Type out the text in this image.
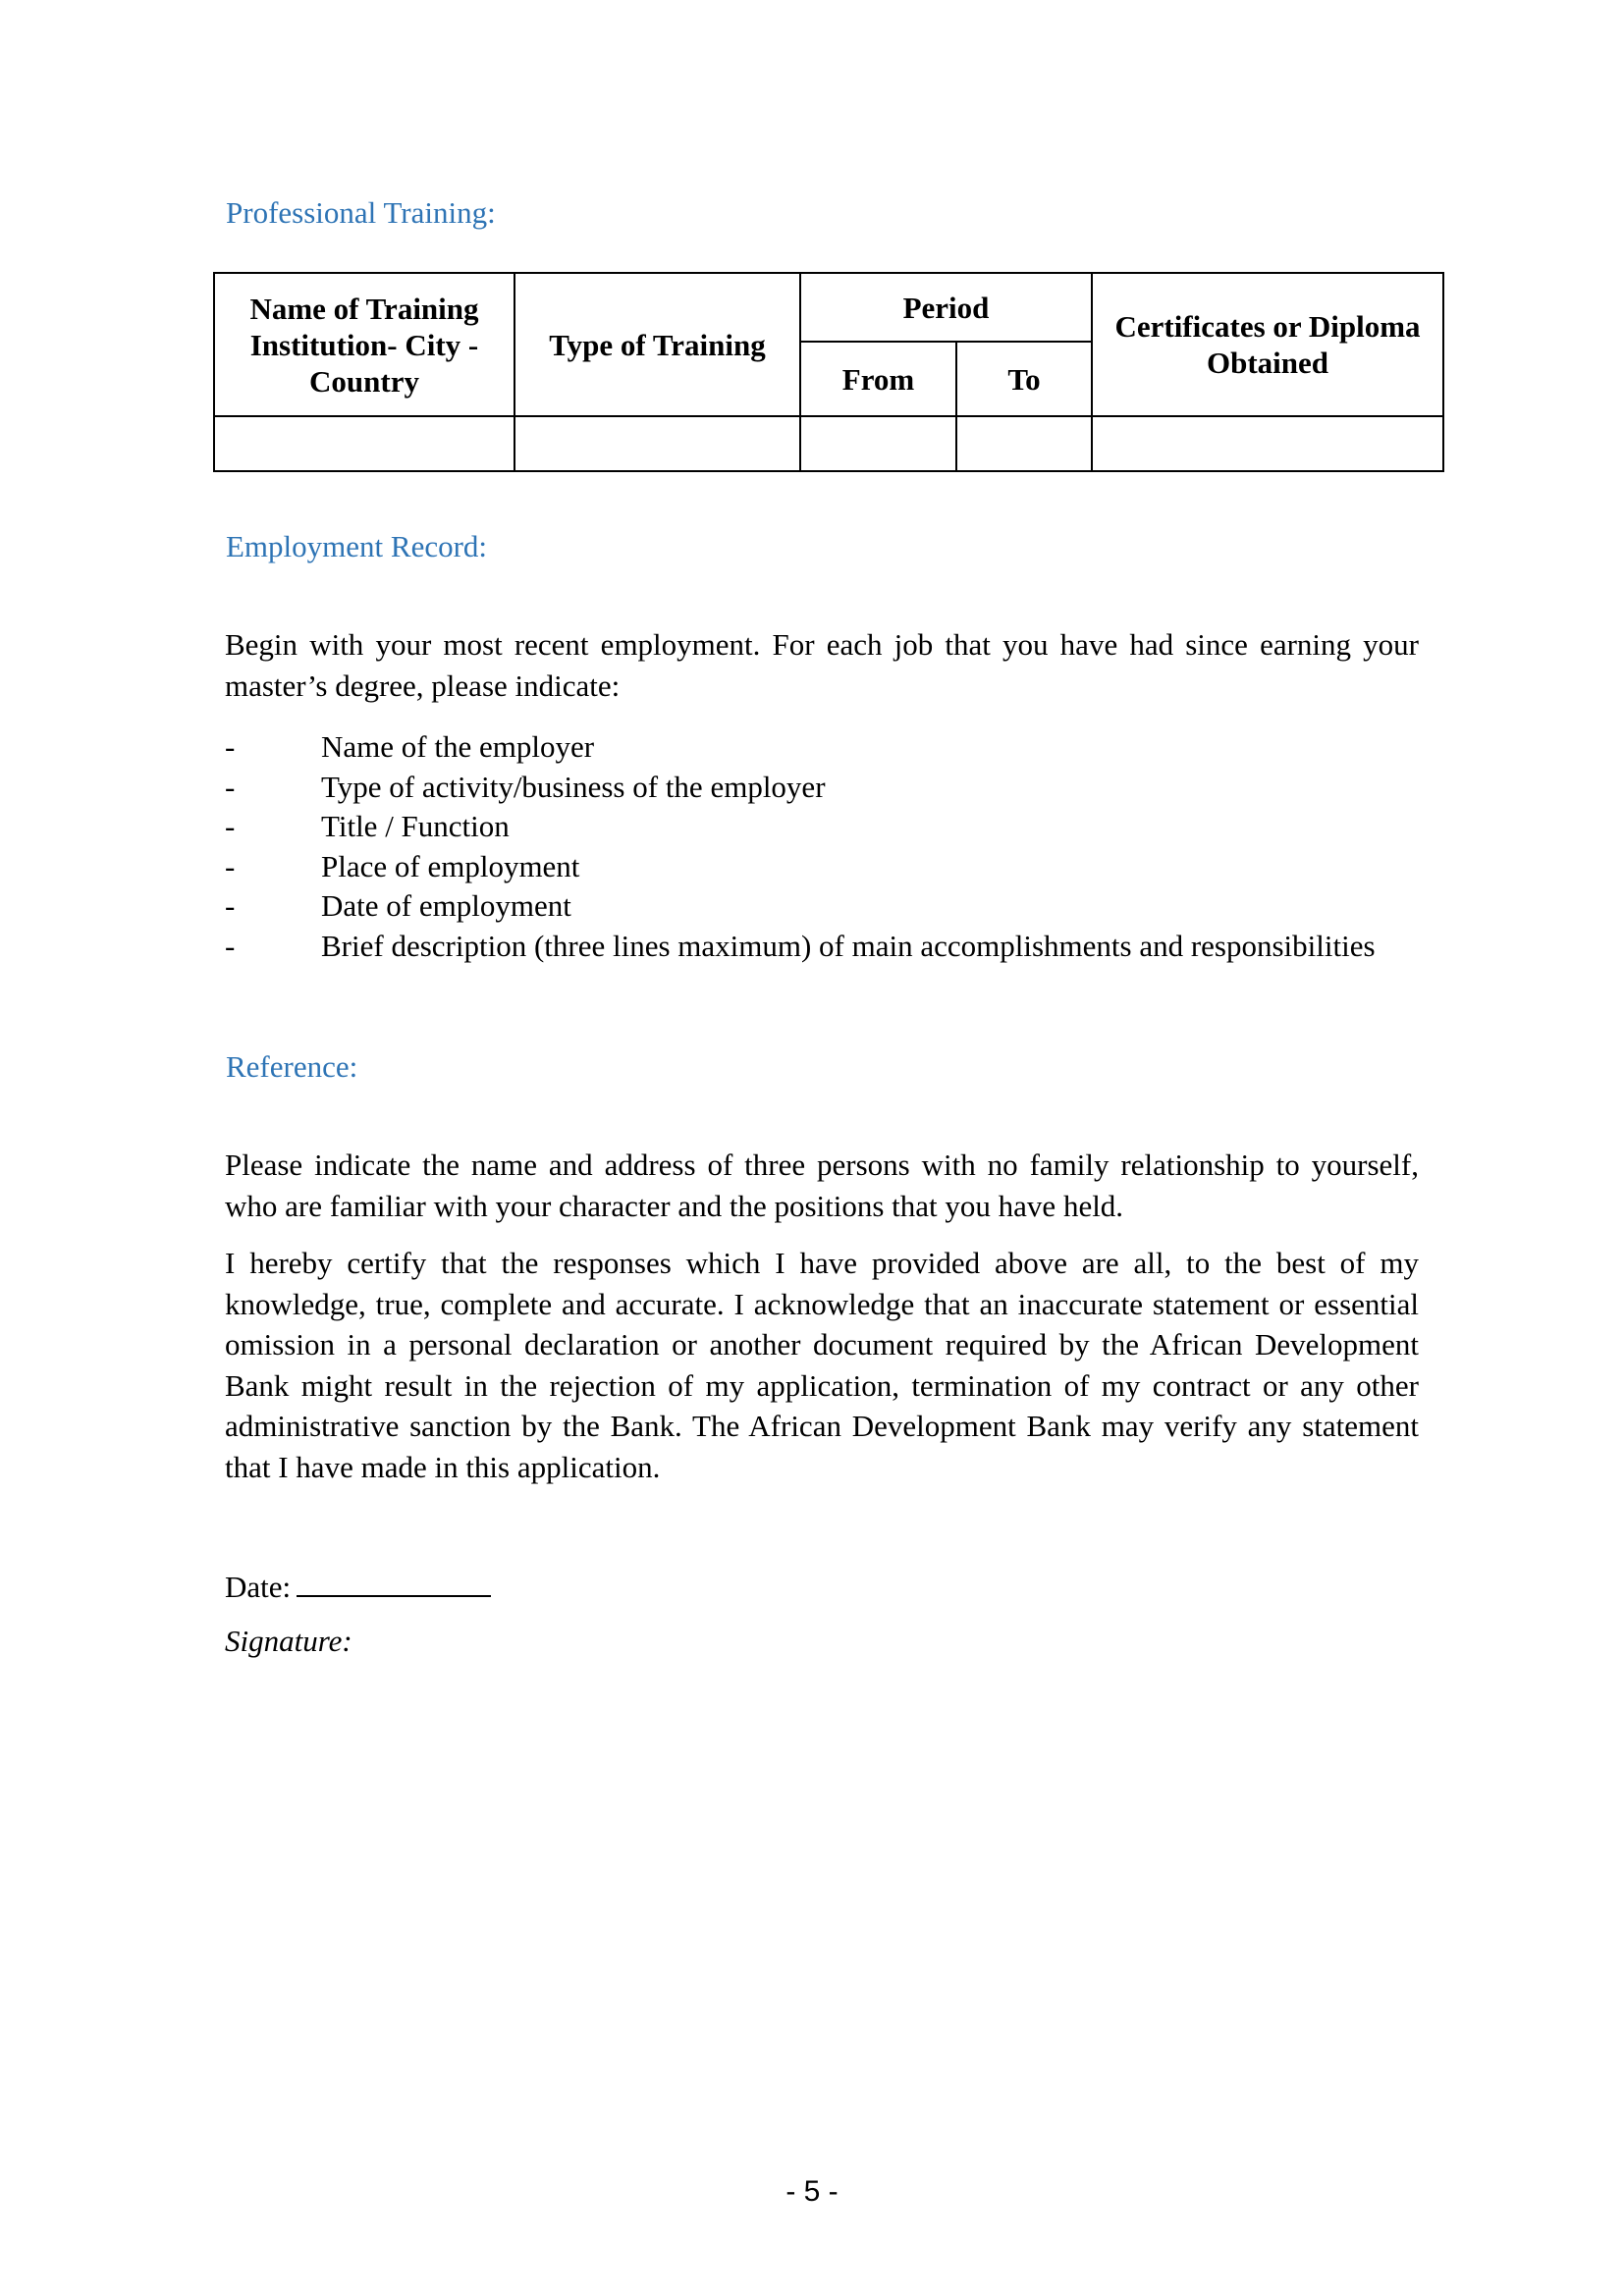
Professional Training:
Name of Training Institution- City - Country	Type of Training	Period		Certificates or Diploma Obtained
		From	To	

Employment Record:

Begin with your most recent employment. For each job that you have had since earning your master’s degree, please indicate:

-	Name of the employer
-	Type of activity/business of the employer
-	Title / Function
-	Place of employment
-	Date of employment
-	Brief description (three lines maximum) of main accomplishments and responsibilities
Reference:

Please indicate the name and address of three persons with no family relationship to yourself, who are familiar with your character and the positions that you have held.

I hereby certify that the responses which I have provided above are all, to the best of my knowledge, true, complete and accurate. I acknowledge that an inaccurate statement or essential omission in a personal declaration or another document required by the African Development Bank might result in the rejection of my application, termination of my contract or any other administrative sanction by the Bank. The African Development Bank may verify any statement that I have made in this application.

Date:
Signature:
- 5 -
